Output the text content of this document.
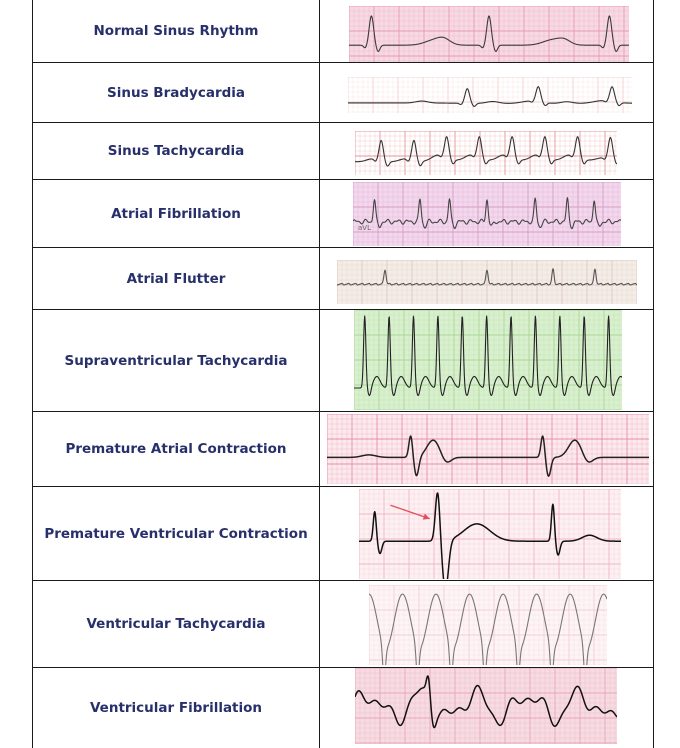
Normal Sinus Rhythm
Sinus Bradycardia
Sinus Tachycardia
Atrial Fibrillation
aVL
Atrial Flutter
Supraventricular Tachycardia
Premature Atrial Contraction
Premature Ventricular Contraction
Ventricular Tachycardia
Ventricular Fibrillation
